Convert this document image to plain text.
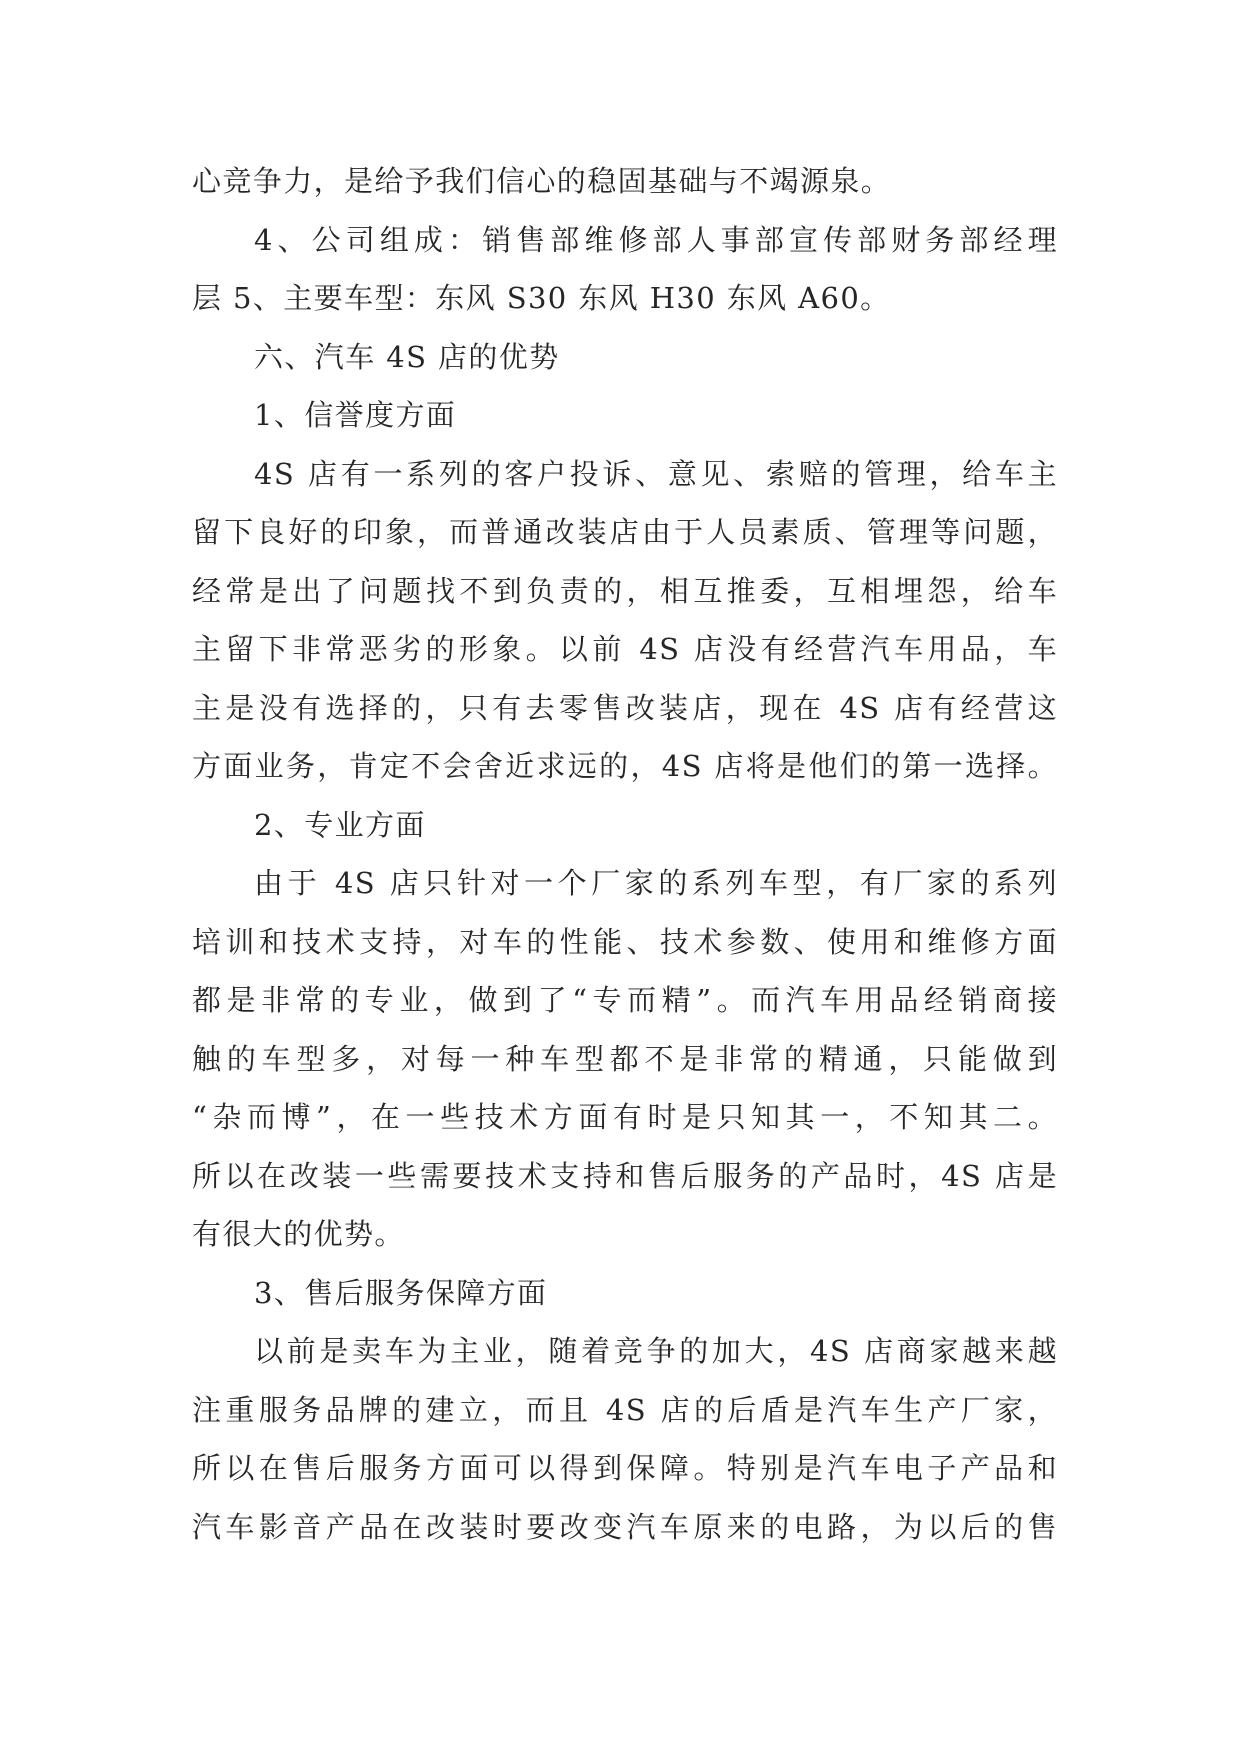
心竞争力，是给予我们信心的稳固基础与不竭源泉。
4、公司组成：销售部维修部人事部宣传部财务部经理
层 5、主要车型：东风 S30 东风 H30 东风 A60。
六、汽车 4S 店的优势
1、信誉度方面
4S 店有一系列的客户投诉、意见、索赔的管理，给车主
留下良好的印象，而普通改装店由于人员素质、管理等问题，
经常是出了问题找不到负责的，相互推委，互相埋怨，给车
主留下非常恶劣的形象。以前 4S 店没有经营汽车用品，车
主是没有选择的，只有去零售改装店，现在 4S 店有经营这
方面业务，肯定不会舍近求远的，4S 店将是他们的第一选择。
2、专业方面
由于 4S 店只针对一个厂家的系列车型，有厂家的系列
培训和技术支持，对车的性能、技术参数、使用和维修方面
都是非常的专业，做到了“专而精”。而汽车用品经销商接
触的车型多，对每一种车型都不是非常的精通，只能做到
“杂而博”，在一些技术方面有时是只知其一，不知其二。
所以在改装一些需要技术支持和售后服务的产品时，4S 店是
有很大的优势。
3、售后服务保障方面
以前是卖车为主业，随着竞争的加大，4S 店商家越来越
注重服务品牌的建立，而且 4S 店的后盾是汽车生产厂家，
所以在售后服务方面可以得到保障。特别是汽车电子产品和
汽车影音产品在改装时要改变汽车原来的电路，为以后的售
